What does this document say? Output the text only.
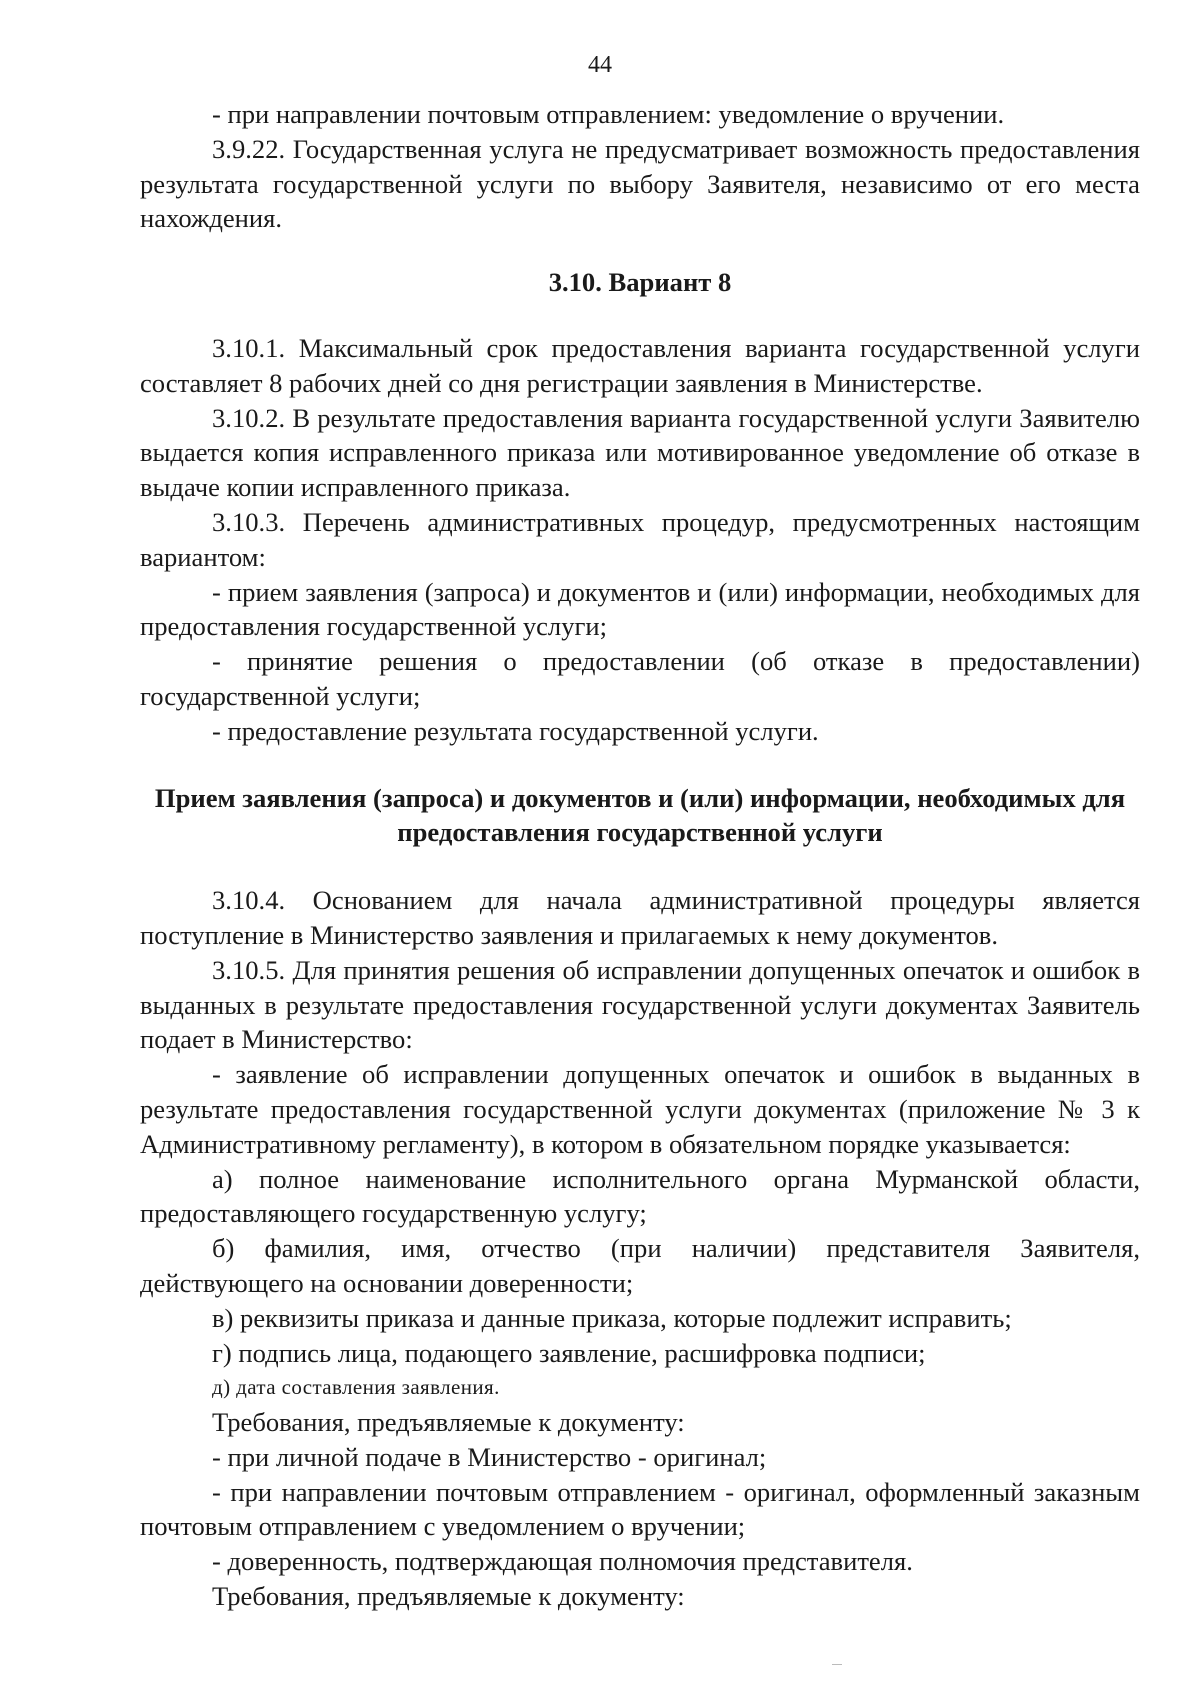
44

- при направлении почтовым отправлением: уведомление о вручении.

3.9.22. Государственная услуга не предусматривает возможность предоставления результата государственной услуги по выбору Заявителя, независимо от его места нахождения.

3.10. Вариант 8

3.10.1. Максимальный срок предоставления варианта государственной услуги составляет 8 рабочих дней со дня регистрации заявления в Министерстве.

3.10.2. В результате предоставления варианта государственной услуги Заявителю выдается копия исправленного приказа или мотивированное уведомление об отказе в выдаче копии исправленного приказа.

3.10.3. Перечень административных процедур, предусмотренных настоящим вариантом:

- прием заявления (запроса) и документов и (или) информации, необходимых для предоставления государственной услуги;

- принятие решения о предоставлении (об отказе в предоставлении) государственной услуги;

- предоставление результата государственной услуги.

Прием заявления (запроса) и документов и (или) информации, необходимых для предоставления государственной услуги

3.10.4. Основанием для начала административной процедуры является поступление в Министерство заявления и прилагаемых к нему документов.

3.10.5. Для принятия решения об исправлении допущенных опечаток и ошибок в выданных в результате предоставления государственной услуги документах Заявитель подает в Министерство:

- заявление об исправлении допущенных опечаток и ошибок в выданных в результате предоставления государственной услуги документах (приложение № 3 к Административному регламенту), в котором в обязательном порядке указывается:

а) полное наименование исполнительного органа Мурманской области, предоставляющего государственную услугу;

б) фамилия, имя, отчество (при наличии) представителя Заявителя, действующего на основании доверенности;

в) реквизиты приказа и данные приказа, которые подлежит исправить;

г) подпись лица, подающего заявление, расшифровка подписи;

д) дата составления заявления.

Требования, предъявляемые к документу:

- при личной подаче в Министерство - оригинал;

- при направлении почтовым отправлением - оригинал, оформленный заказным почтовым отправлением с уведомлением о вручении;

- доверенность, подтверждающая полномочия представителя.

Требования, предъявляемые к документу:
